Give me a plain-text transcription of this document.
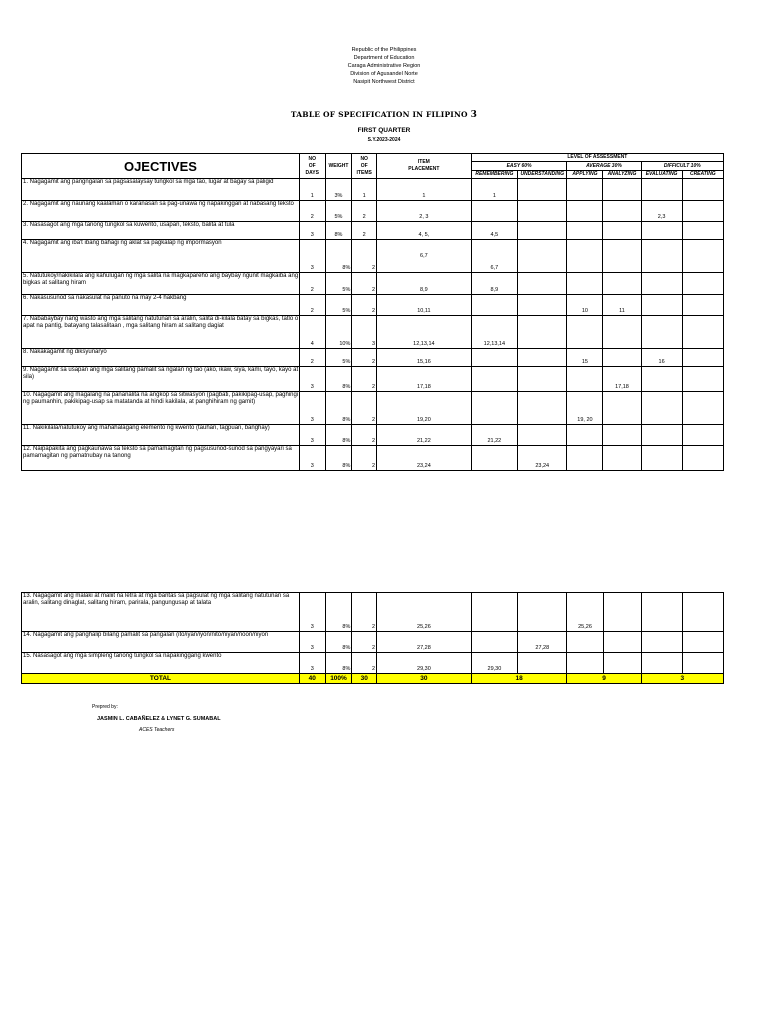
Republic of the Philippines
Department of Education
Caraga Administrative Region
Division of Agusandel Norte
Nasipit Northwest District
TABLE OF SPECIFICATION IN FILIPINO 3
FIRST QUARTER
S.Y.2023-2024
OJECTIVES	NO
OF
DAYS	WEIGHT	NO
OF
ITEMS	ITEM
PLACEMENT	LEVEL OF ASSESSMENT					
					EASY 60%		AVERAGE 30%		DIFFICULT 10%	
					REMEMBERING	UNDERSTANDING	APPLYING	ANALYZING	EVALUATING	CREATING
1. Nagagamit ang pangngalan sa pagsasalaysay tungkol sa mga tao, lugar at bagay sa paligid	1	3%	1	1	1					
2. Nagagamit ang naunang kaalaman o karanasan sa pag-unawa ng napakinggan at nabasang teksto	2	5%	2	2, 3					2,3	
3. Nasasagot ang mga tanong tungkol sa kuwento, usapan, teksto, balita at tula	3	8%	2	4, 5,	4,5					
4. Nagagamit ang iba't ibang bahagi ng aklat sa pagkalap ng impormasyon	3	8%	2	6,7	6,7					
5. Natutukoy/nakikilala ang kahulugan ng mga salita na magkapareho ang baybay ngunit magkaiba ang bigkas at salitang hiram	2	5%	2	8,9	8,9					
6. Nakasusunod sa nakasulat na panuto na may 2-4 hakbang	2	5%	2	10,11			10	11		
7. Nababaybay nang wasto ang mga salitang natutunan sa aralin, salita di-kilala batay sa bigkas, tatlo o apat na pantig, batayang talasalitaan , mga salitang hiram at salitang dagiat	4	10%	3	12,13,14	12,13,14					
8. Nakakagamit ng diksyunaryo	2	5%	2	15,16			15		16	
9. Nagagamit sa usapan ang mga salitang pamalit sa ngalan ng tao (ako, ikaw, siya, kami, tayo, kayo at sila)	3	8%	2	17,18				17,18		
10. Nagagamit ang magalang na pananalita na angkop sa sitwasyon (pagbati, pakikipag-usap, paghingi ng paumanhin, pakikipag-usap sa matatanda at hindi kakilala, at panghihiram ng gamit)	3	8%	2	19,20			19, 20			
11. Nakikilala/natutukoy ang mahahalagang elemento ng kwento (tauhan, tagpuan, banghay)	3	8%	2	21,22	21,22					
12. Naipapakita ang pagkaunawa sa teksto sa pamamagitan ng pagsusunod-sunod sa pangyayari sa pamamagitan ng pamatnubay na tanong	3	8%	2	23,24		23,24				
13. Nagagamit ang malaki at maliit na letra at mga bantas sa pagsulat ng mga salitang natutunan sa aralin, salitang dinaglat, salitang hiram, parirala, pangungusap at talata	3	8%	2	25,26			25,26			
14. Nagagamit ang panghalip bilang pamalit sa pangalan (ito/iyan/iyon/nito/niyan/noon/niyon	3	8%	2	27,28		27,28				
15. Nasasagot ang mga simpleng tanong tungkol sa napakinggang kwento	3	8%	2	29,30	29,30					
TOTAL	40	100%	30	30	18		9		3	
Prepred by:
JASMIN L. CABAÑELEZ & LYNET G. SUMABAL
ACES Teachers
